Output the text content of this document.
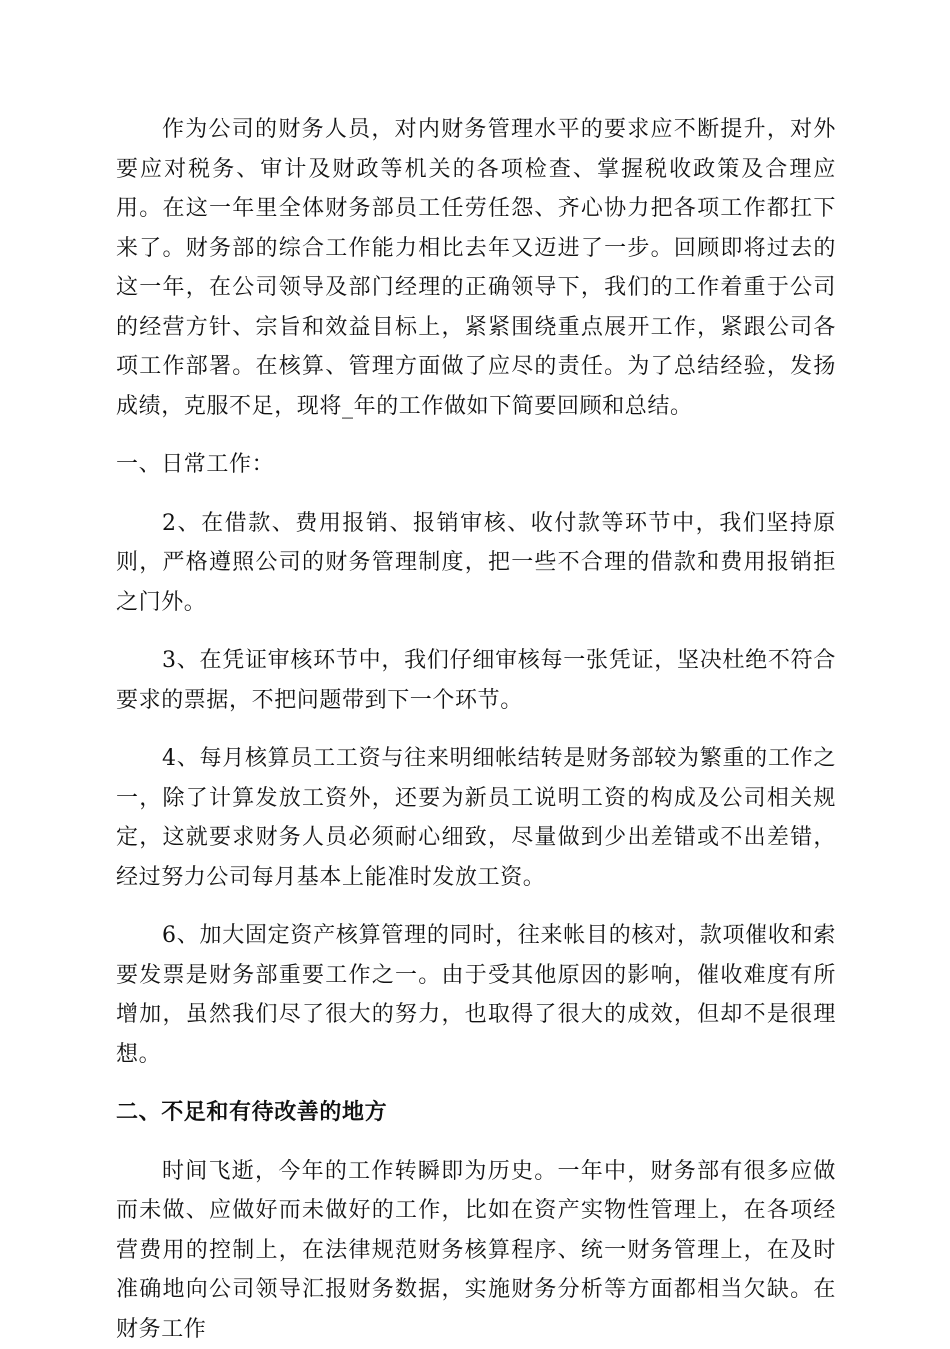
作为公司的财务人员，对内财务管理水平的要求应不断提升，对外要应对税务、审计及财政等机关的各项检查、掌握税收政策及合理应用。在这一年里全体财务部员工任劳任怨、齐心协力把各项工作都扛下来了。财务部的综合工作能力相比去年又迈进了一步。回顾即将过去的这一年，在公司领导及部门经理的正确领导下，我们的工作着重于公司的经营方针、宗旨和效益目标上，紧紧围绕重点展开工作，紧跟公司各项工作部署。在核算、管理方面做了应尽的责任。为了总结经验，发扬成绩，克服不足，现将_年的工作做如下简要回顾和总结。

一、日常工作：

2、在借款、费用报销、报销审核、收付款等环节中，我们坚持原则，严格遵照公司的财务管理制度，把一些不合理的借款和费用报销拒之门外。

3、在凭证审核环节中，我们仔细审核每一张凭证，坚决杜绝不符合要求的票据，不把问题带到下一个环节。

4、每月核算员工工资与往来明细帐结转是财务部较为繁重的工作之一，除了计算发放工资外，还要为新员工说明工资的构成及公司相关规定，这就要求财务人员必须耐心细致，尽量做到少出差错或不出差错，经过努力公司每月基本上能准时发放工资。

6、加大固定资产核算管理的同时，往来帐目的核对，款项催收和索要发票是财务部重要工作之一。由于受其他原因的影响，催收难度有所增加，虽然我们尽了很大的努力，也取得了很大的成效，但却不是很理想。

二、不足和有待改善的地方

时间飞逝，今年的工作转瞬即为历史。一年中，财务部有很多应做而未做、应做好而未做好的工作，比如在资产实物性管理上，在各项经营费用的控制上，在法律规范财务核算程序、统一财务管理上，在及时准确地向公司领导汇报财务数据，实施财务分析等方面都相当欠缺。在财务工作
